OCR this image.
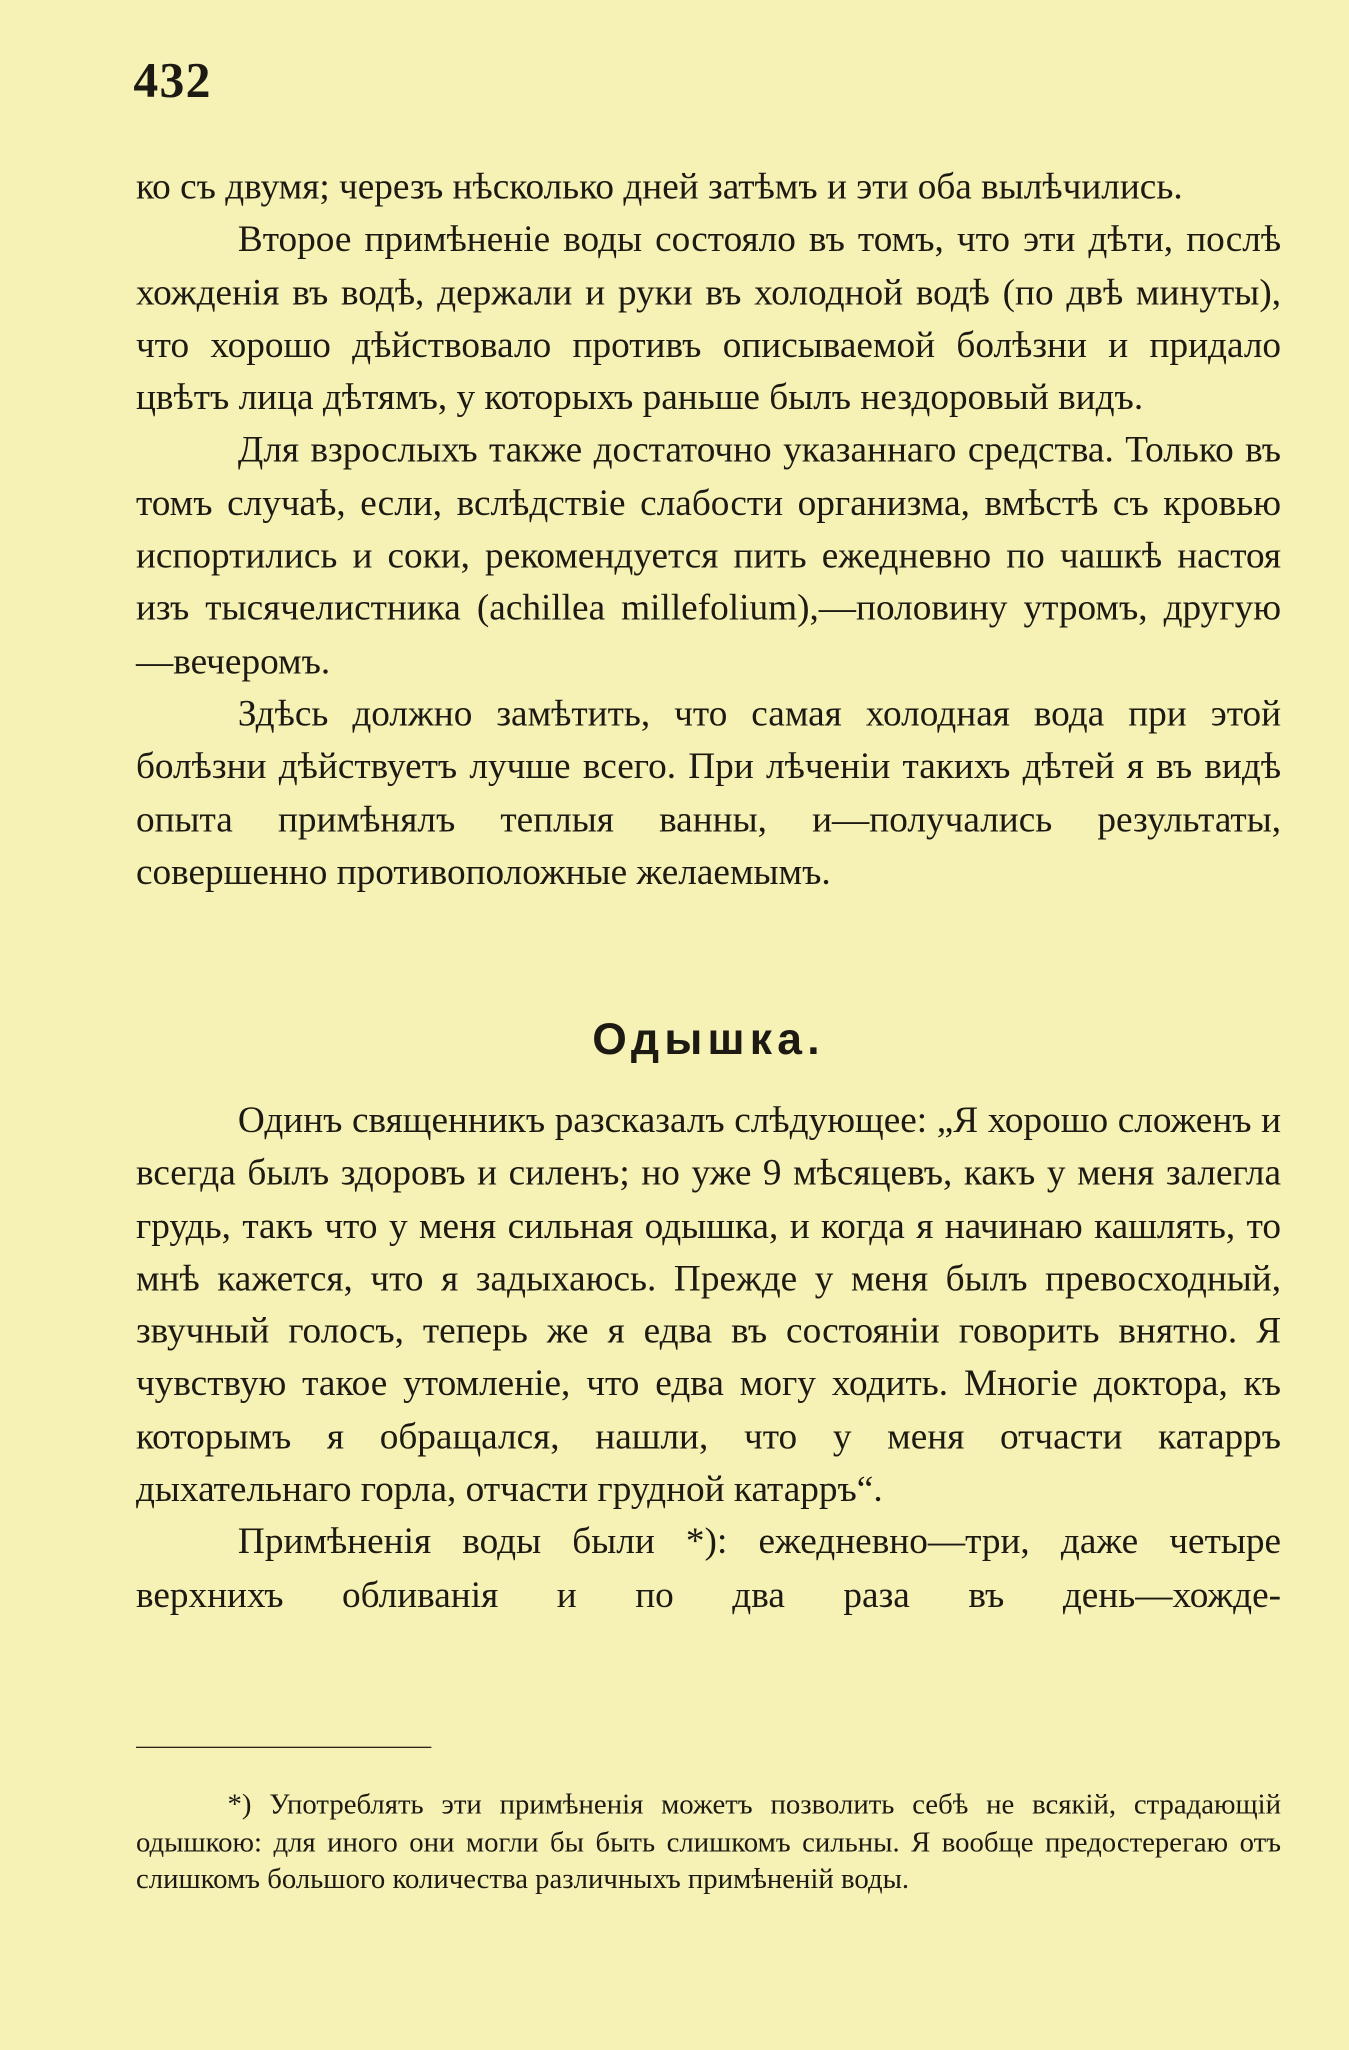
432

ко съ двумя; черезъ нѣсколько дней затѣмъ и эти оба вылѣчились.

Второе примѣненіе воды состояло въ томъ, что эти дѣти, послѣ хожденія въ водѣ, держали и руки въ холодной водѣ (по двѣ минуты), что хорошо дѣйствовало противъ описываемой болѣзни и придало цвѣтъ лица дѣтямъ, у которыхъ раньше былъ нездоровый видъ.

Для взрослыхъ также достаточно указаннаго средства. Только въ томъ случаѣ, если, вслѣдствіе слабости организма, вмѣстѣ съ кровью испортились и соки, рекомендуется пить ежедневно по чашкѣ настоя изъ тысячелистника (achillea millefolium),—половину утромъ, другую—вечеромъ.

Здѣсь должно замѣтить, что самая холодная вода при этой болѣзни дѣйствуетъ лучше всего. При лѣченіи такихъ дѣтей я въ видѣ опыта примѣнялъ теплыя ванны, и—получались результаты, совершенно противоположные желаемымъ.

Одышка.

Одинъ священникъ разсказалъ слѣдующее: „Я хорошо сложенъ и всегда былъ здоровъ и силенъ; но уже 9 мѣсяцевъ, какъ у меня залегла грудь, такъ что у меня сильная одышка, и когда я начинаю кашлять, то мнѣ кажется, что я задыхаюсь. Прежде у меня былъ превосходный, звучный голосъ, теперь же я едва въ состояніи говорить внятно. Я чувствую такое утомленіе, что едва могу ходить. Многіе доктора, къ которымъ я обращался, нашли, что у меня отчасти катарръ дыхательнаго горла, отчасти грудной катарръ“.

Примѣненія воды были *): ежедневно—три, даже четыре верхнихъ обливанія и по два раза въ день—хожде-

*) Употреблять эти примѣненія можетъ позволить себѣ не всякій, страдающій одышкою: для иного они могли бы быть слишкомъ сильны. Я вообще предостерегаю отъ слишкомъ большого количества различныхъ примѣненій воды.
